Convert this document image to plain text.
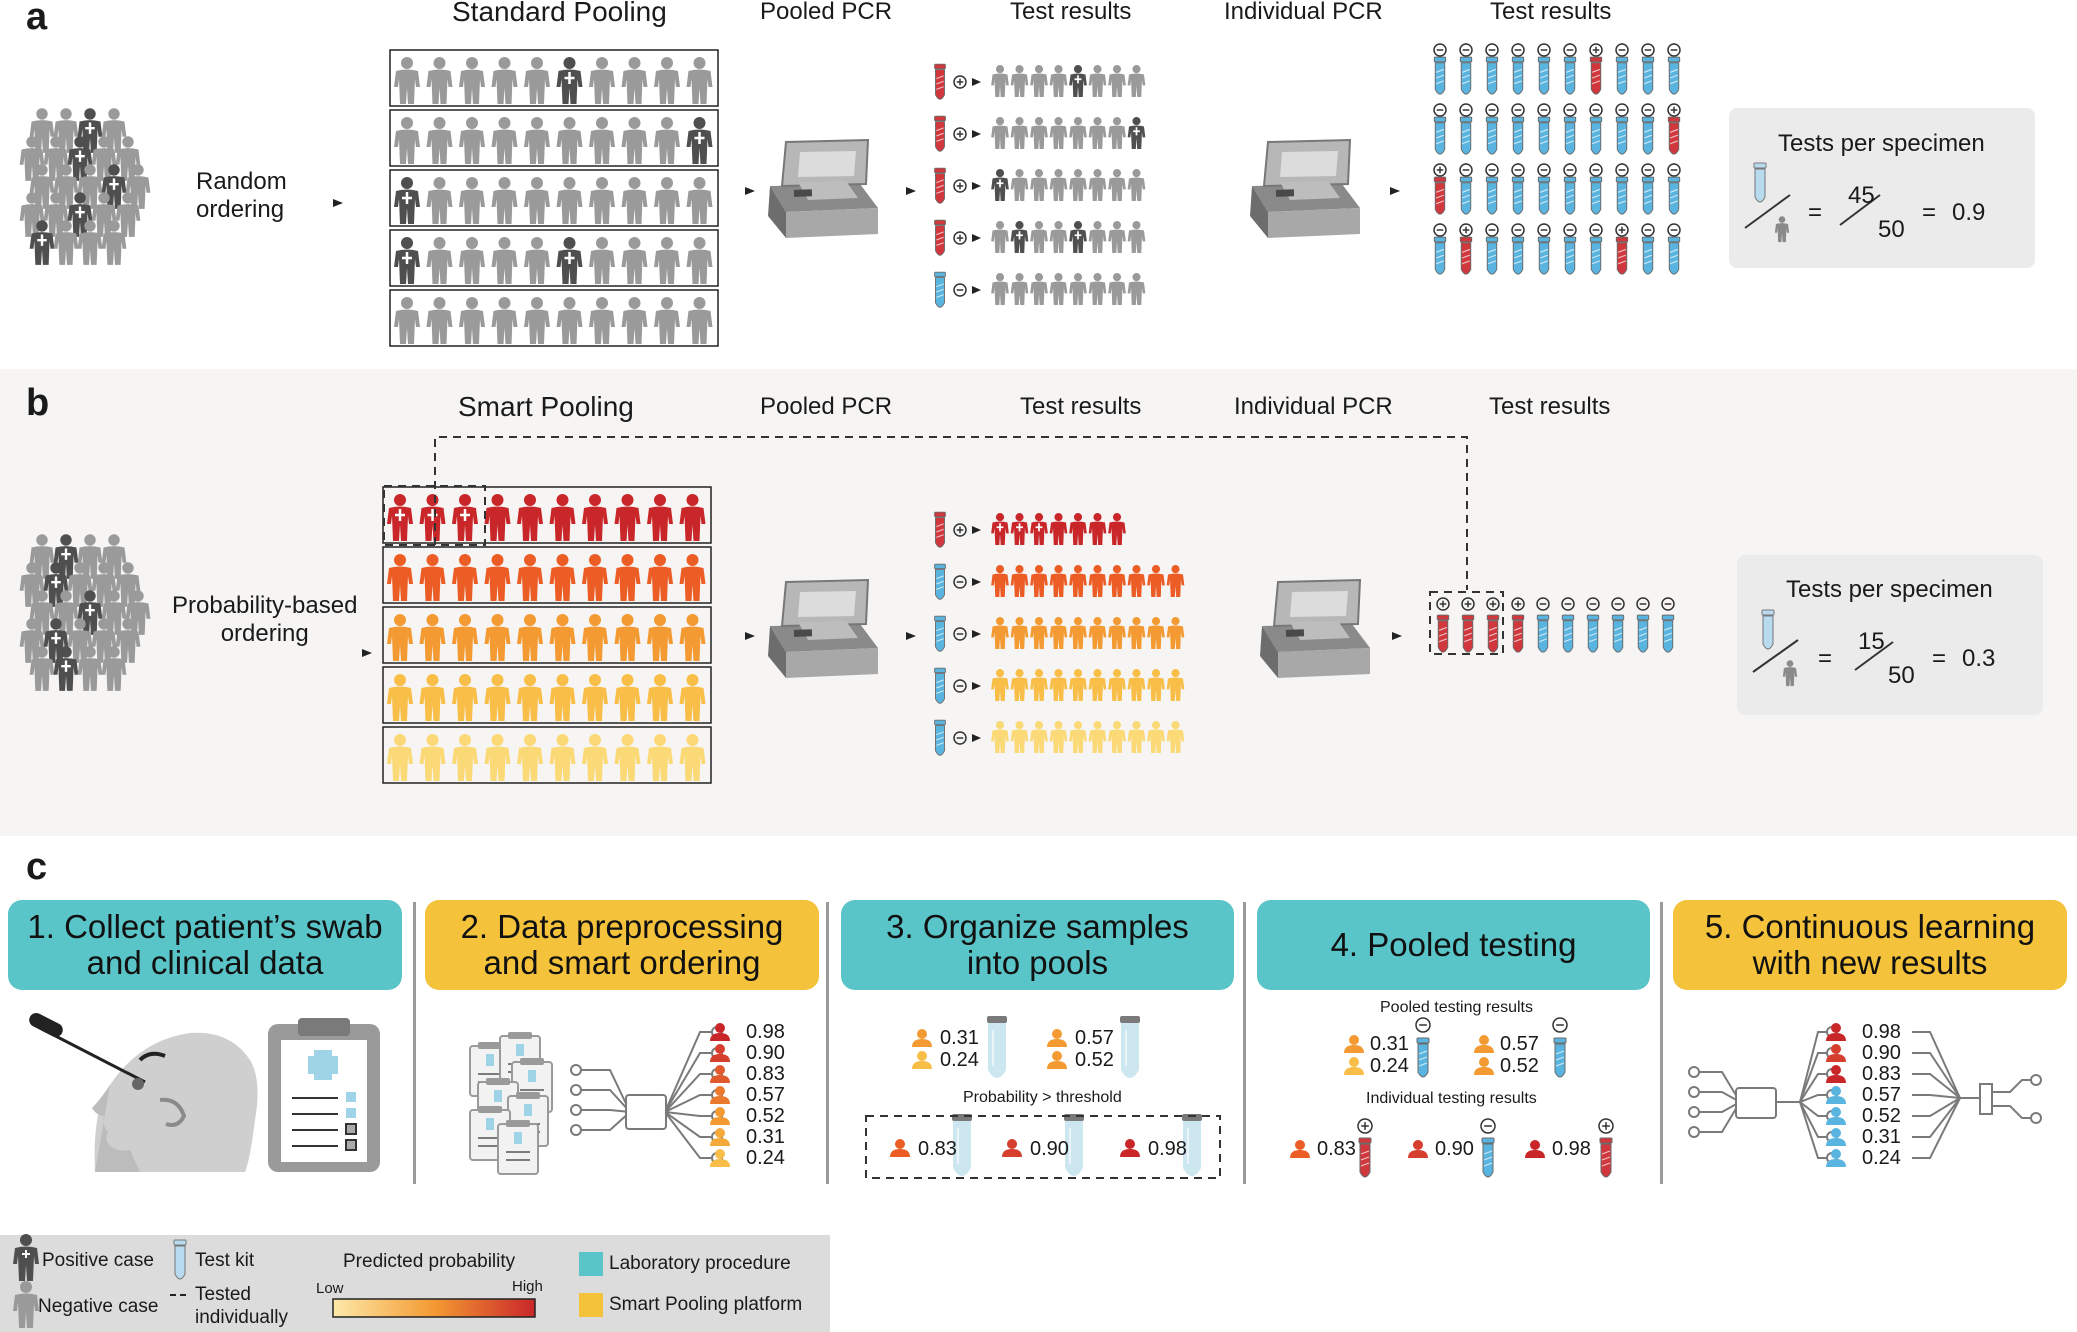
a
b
c
Standard Pooling	Pooled PCR	Test results	Individual PCR	Test results
Random
ordering
Tests per specimen
=
45
50
= 0.9
Smart Pooling	Pooled PCR	Test results	Individual PCR	Test results
Probability-based
ordering
Tests per specimen
=
15
50
= 0.3
1. Collect patient’s swab
and clinical data
2. Data preprocessing
and smart ordering
3. Organize samples
into pools	4. Pooled testing	5. Continuous learning
with new results
0.98
0.90
0.83
0.57
0.52
0.31
0.24
0.31
0.24
0.57
0.52
0.83	0.90	0.98
0.31
0.24
0.57
0.52
0.83	0.90	0.98
0.98
0.90
0.83
0.57
0.52
0.31
0.24
Probability > threshold
Pooled testing results
Individual testing results
Positive case
Negative case
Test kit
Tested
individually
Predicted probability
Low	High
Laboratory procedure
Smart Pooling platform
